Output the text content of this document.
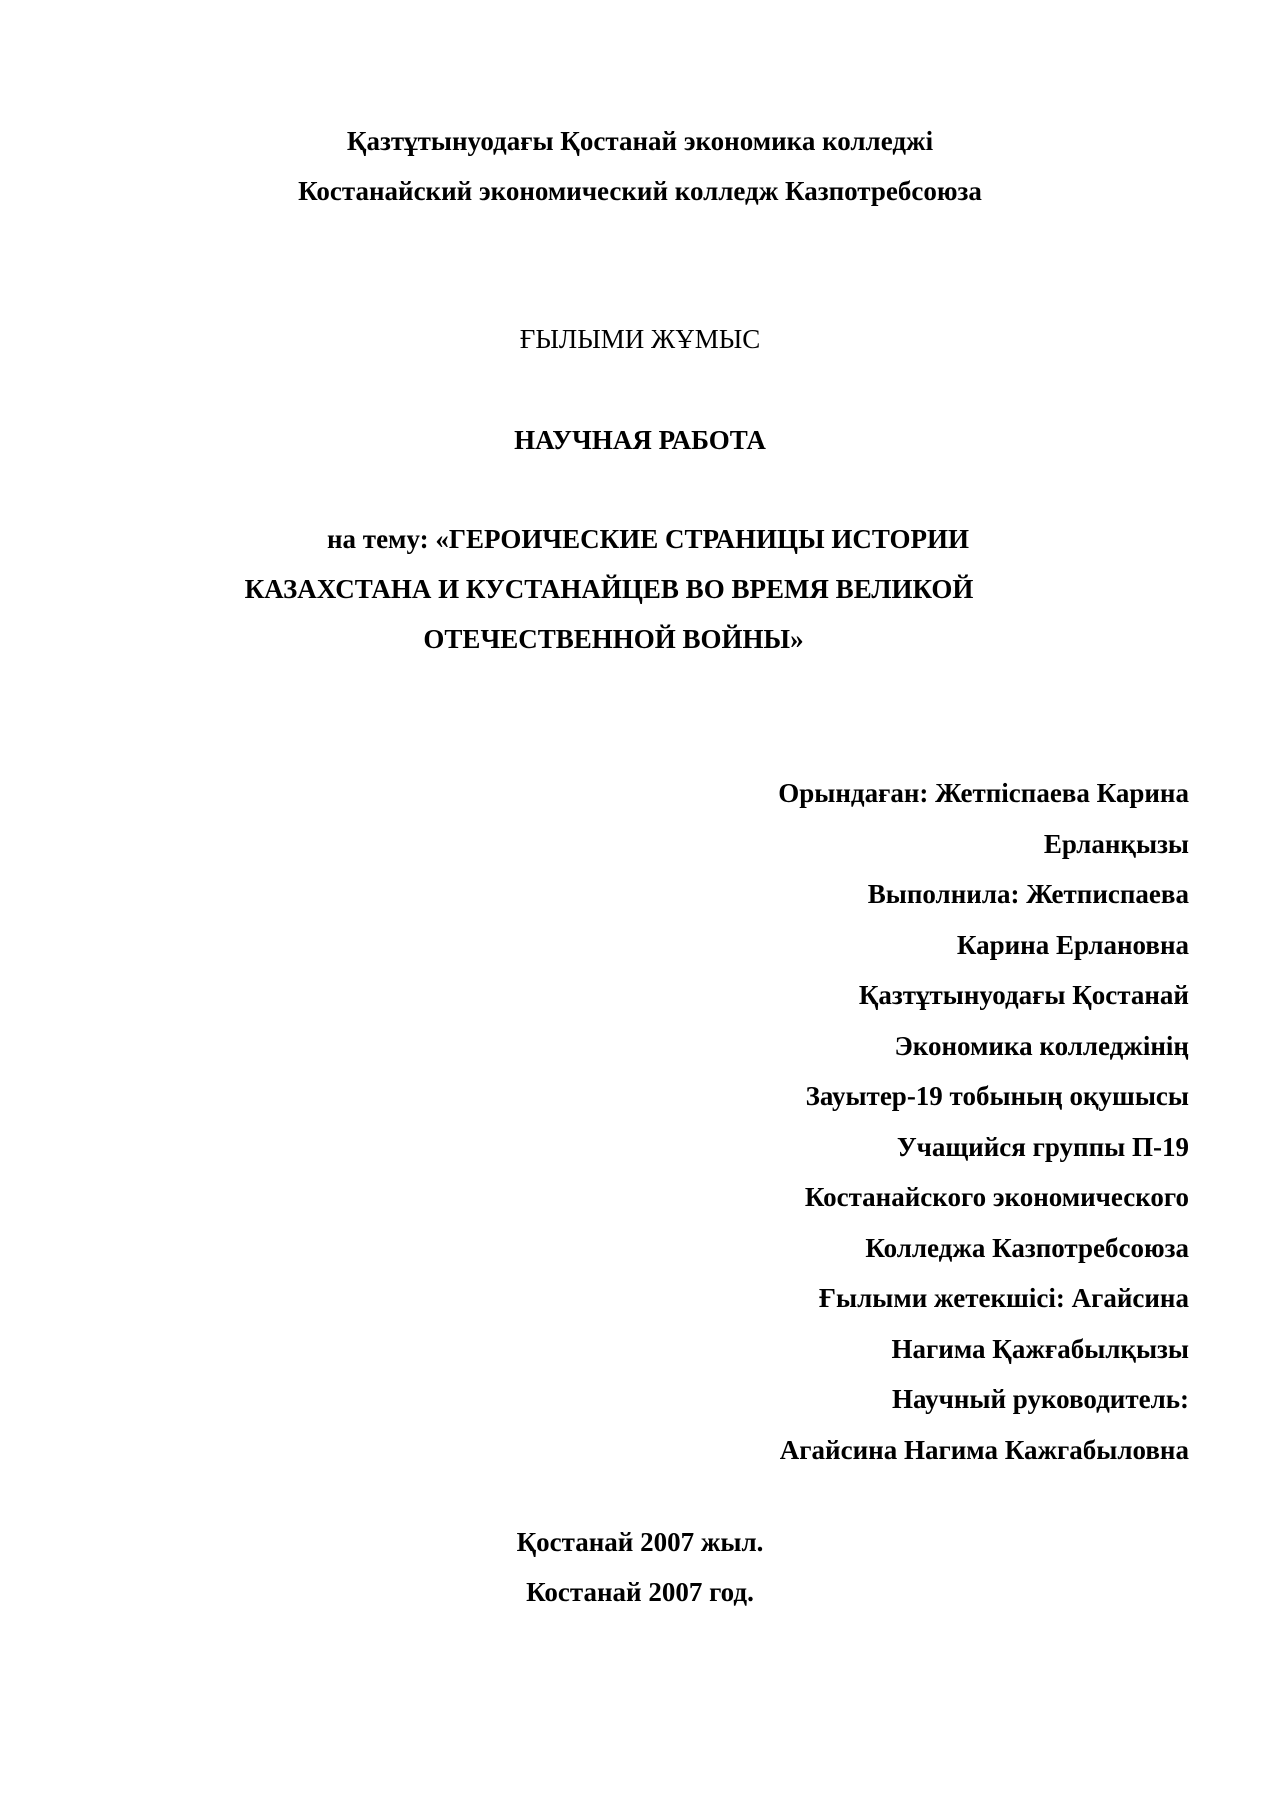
Қазтұтынуодағы Қостанай экономика колледжі
Костанайский экономический колледж Казпотребсоюза
ҒЫЛЫМИ ЖҰМЫС
НАУЧНАЯ РАБОТА
на тему: «ГЕРОИЧЕСКИЕ СТРАНИЦЫ ИСТОРИИ
КАЗАХСТАНА И КУСТАНАЙЦЕВ ВО ВРЕМЯ ВЕЛИКОЙ
ОТЕЧЕСТВЕННОЙ ВОЙНЫ»
Орындаған: Жетпіспаева Карина
Ерланқызы
Выполнила: Жетписпаева
Карина Ерлановна
Қазтұтынуодағы Қостанай
Экономика колледжінің
Зауытер-19 тобының оқушысы
Учащийся группы П-19
Костанайского экономического
Колледжа Казпотребсоюза
Ғылыми жетекшісі: Агайсина
Нагима Қажғабылқызы
Научный руководитель:
Агайсина Нагима Кажгабыловна
Қостанай 2007 жыл.
Костанай 2007 год.
